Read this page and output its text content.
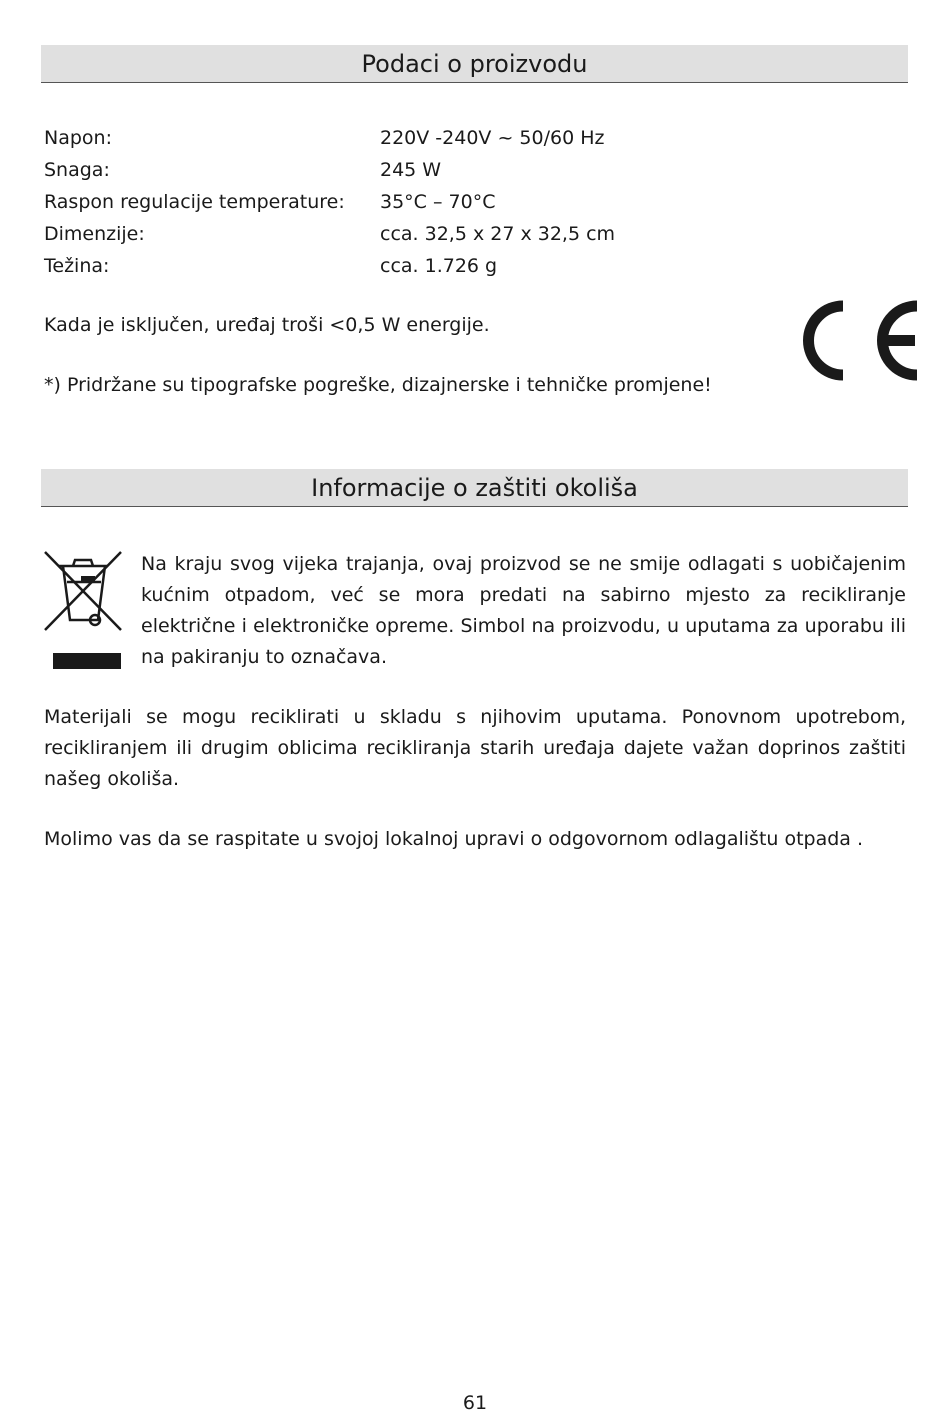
Podaci o proizvodu
Napon:	220V -240V ~ 50/60 Hz
Snaga:	245 W
Raspon regulacije temperature: 35°C – 70°C
Dimenzije:	cca. 32,5 x 27 x 32,5 cm
Težina:	cca. 1.726 g
Kada je isključen, uređaj troši <0,5 W energije.
*) Pridržane su tipografske pogreške, dizajnerske i tehničke promjene!
Informacije o zaštiti okoliša
Na kraju svog vijeka trajanja, ovaj proizvod se ne smije odlagati s uobičajenim kućnim otpadom, već se mora predati na sabirno mjesto za recikliranje električne i elektroničke opreme. Simbol na proizvodu, u uputama za uporabu ili na pakiranju to označava.
Materijali se mogu reciklirati u skladu s njihovim uputama. Ponovnom upotrebom, recikliranjem ili drugim oblicima recikliranja starih uređaja dajete važan doprinos zaštiti našeg okoliša.
Molimo vas da se raspitate u svojoj lokalnoj upravi o odgovornom odlagalištu otpada .
61
